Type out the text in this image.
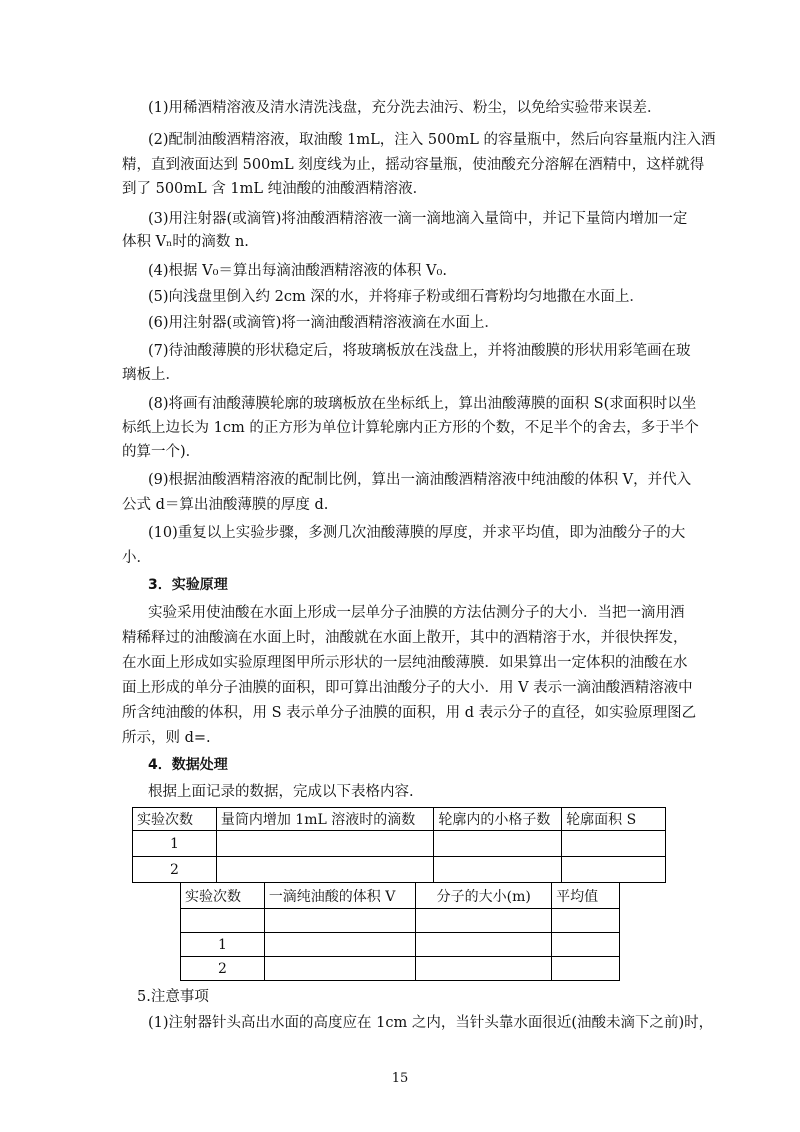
(1)用稀酒精溶液及清水清洗浅盘，充分洗去油污、粉尘，以免给实验带来误差．
(2)配制油酸酒精溶液，取油酸 1mL，注入 500mL 的容量瓶中，然后向容量瓶内注入酒
精，直到液面达到 500mL 刻度线为止，摇动容量瓶，使油酸充分溶解在酒精中，这样就得
到了 500mL 含 1mL 纯油酸的油酸酒精溶液．
(3)用注射器(或滴管)将油酸酒精溶液一滴一滴地滴入量筒中，并记下量筒内增加一定
体积 Vₙ时的滴数 n.
(4)根据 V₀＝算出每滴油酸酒精溶液的体积 V₀.
(5)向浅盘里倒入约 2cm 深的水，并将痱子粉或细石膏粉均匀地撒在水面上．
(6)用注射器(或滴管)将一滴油酸酒精溶液滴在水面上．
(7)待油酸薄膜的形状稳定后，将玻璃板放在浅盘上，并将油酸膜的形状用彩笔画在玻
璃板上．
(8)将画有油酸薄膜轮廓的玻璃板放在坐标纸上，算出油酸薄膜的面积 S(求面积时以坐
标纸上边长为 1cm 的正方形为单位计算轮廓内正方形的个数，不足半个的舍去，多于半个
的算一个)．
(9)根据油酸酒精溶液的配制比例，算出一滴油酸酒精溶液中纯油酸的体积 V，并代入
公式 d＝算出油酸薄膜的厚度 d.
(10)重复以上实验步骤，多测几次油酸薄膜的厚度，并求平均值，即为油酸分子的大
小．
3．实验原理
实验采用使油酸在水面上形成一层单分子油膜的方法估测分子的大小．当把一滴用酒
精稀释过的油酸滴在水面上时，油酸就在水面上散开，其中的酒精溶于水，并很快挥发，
在水面上形成如实验原理图甲所示形状的一层纯油酸薄膜．如果算出一定体积的油酸在水
面上形成的单分子油膜的面积，即可算出油酸分子的大小．用 V 表示一滴油酸酒精溶液中
所含纯油酸的体积，用 S 表示单分子油膜的面积，用 d 表示分子的直径，如实验原理图乙
所示，则 d=.
4．数据处理
根据上面记录的数据，完成以下表格内容.
实验次数	量筒内增加 1mL 溶液时的滴数	轮廓内的小格子数	轮廓面积 S
1			
2			
实验次数	一滴纯油酸的体积 V	分子的大小(m)	平均值

1			
2			
5.注意事项
(1)注射器针头高出水面的高度应在 1cm 之内，当针头靠水面很近(油酸未滴下之前)时，
15
